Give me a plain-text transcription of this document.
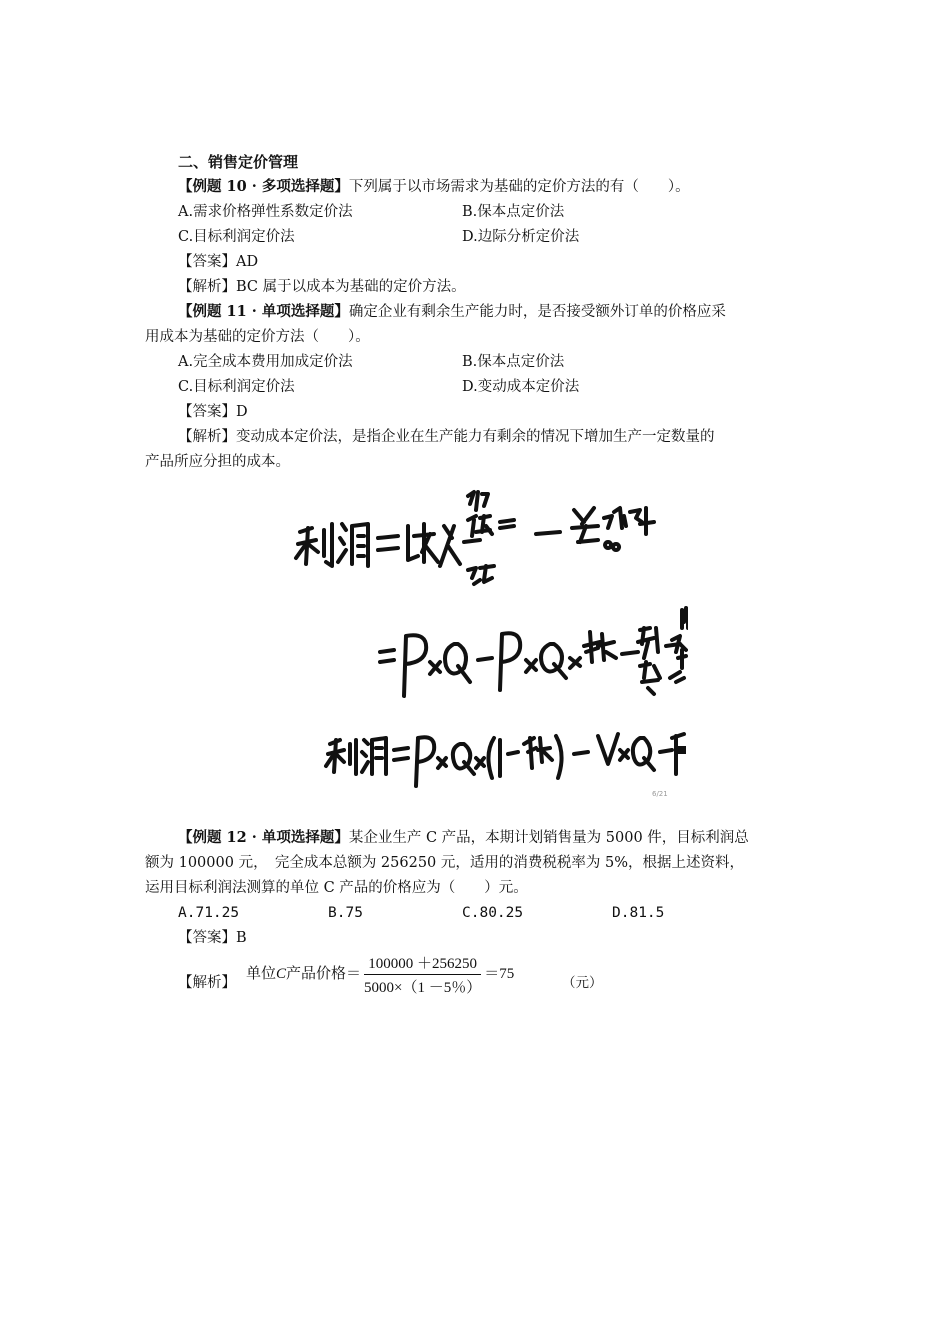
二、销售定价管理
【例题 10 · 多项选择题】下列属于以市场需求为基础的定价方法的有（　　）。
A.需求价格弹性系数定价法	B.保本点定价法
C.目标利润定价法	D.边际分析定价法
【答案】AD
【解析】BC 属于以成本为基础的定价方法。
【例题 11 · 单项选择题】确定企业有剩余生产能力时，是否接受额外订单的价格应采
用成本为基础的定价方法（　　）。
A.完全成本费用加成定价法	B.保本点定价法
C.目标利润定价法	D.变动成本定价法
【答案】D
【解析】变动成本定价法，是指企业在生产能力有剩余的情况下增加生产一定数量的
产品所应分担的成本。
6/21
【例题 12 · 单项选择题】某企业生产 C 产品，本期计划销售量为 5000 件，目标利润总
额为 100000 元，　完全成本总额为 256250 元，适用的消费税税率为 5%，根据上述资料，
运用目标利润法测算的单位 C 产品的价格应为（　　）元。
A.71.25	B.75	C.80.25	D.81.5
【答案】B
【解析】
单位C产品价格＝ $\frac{100000 +256250}{5000\times(1 -5\%)} =75$
（元）
